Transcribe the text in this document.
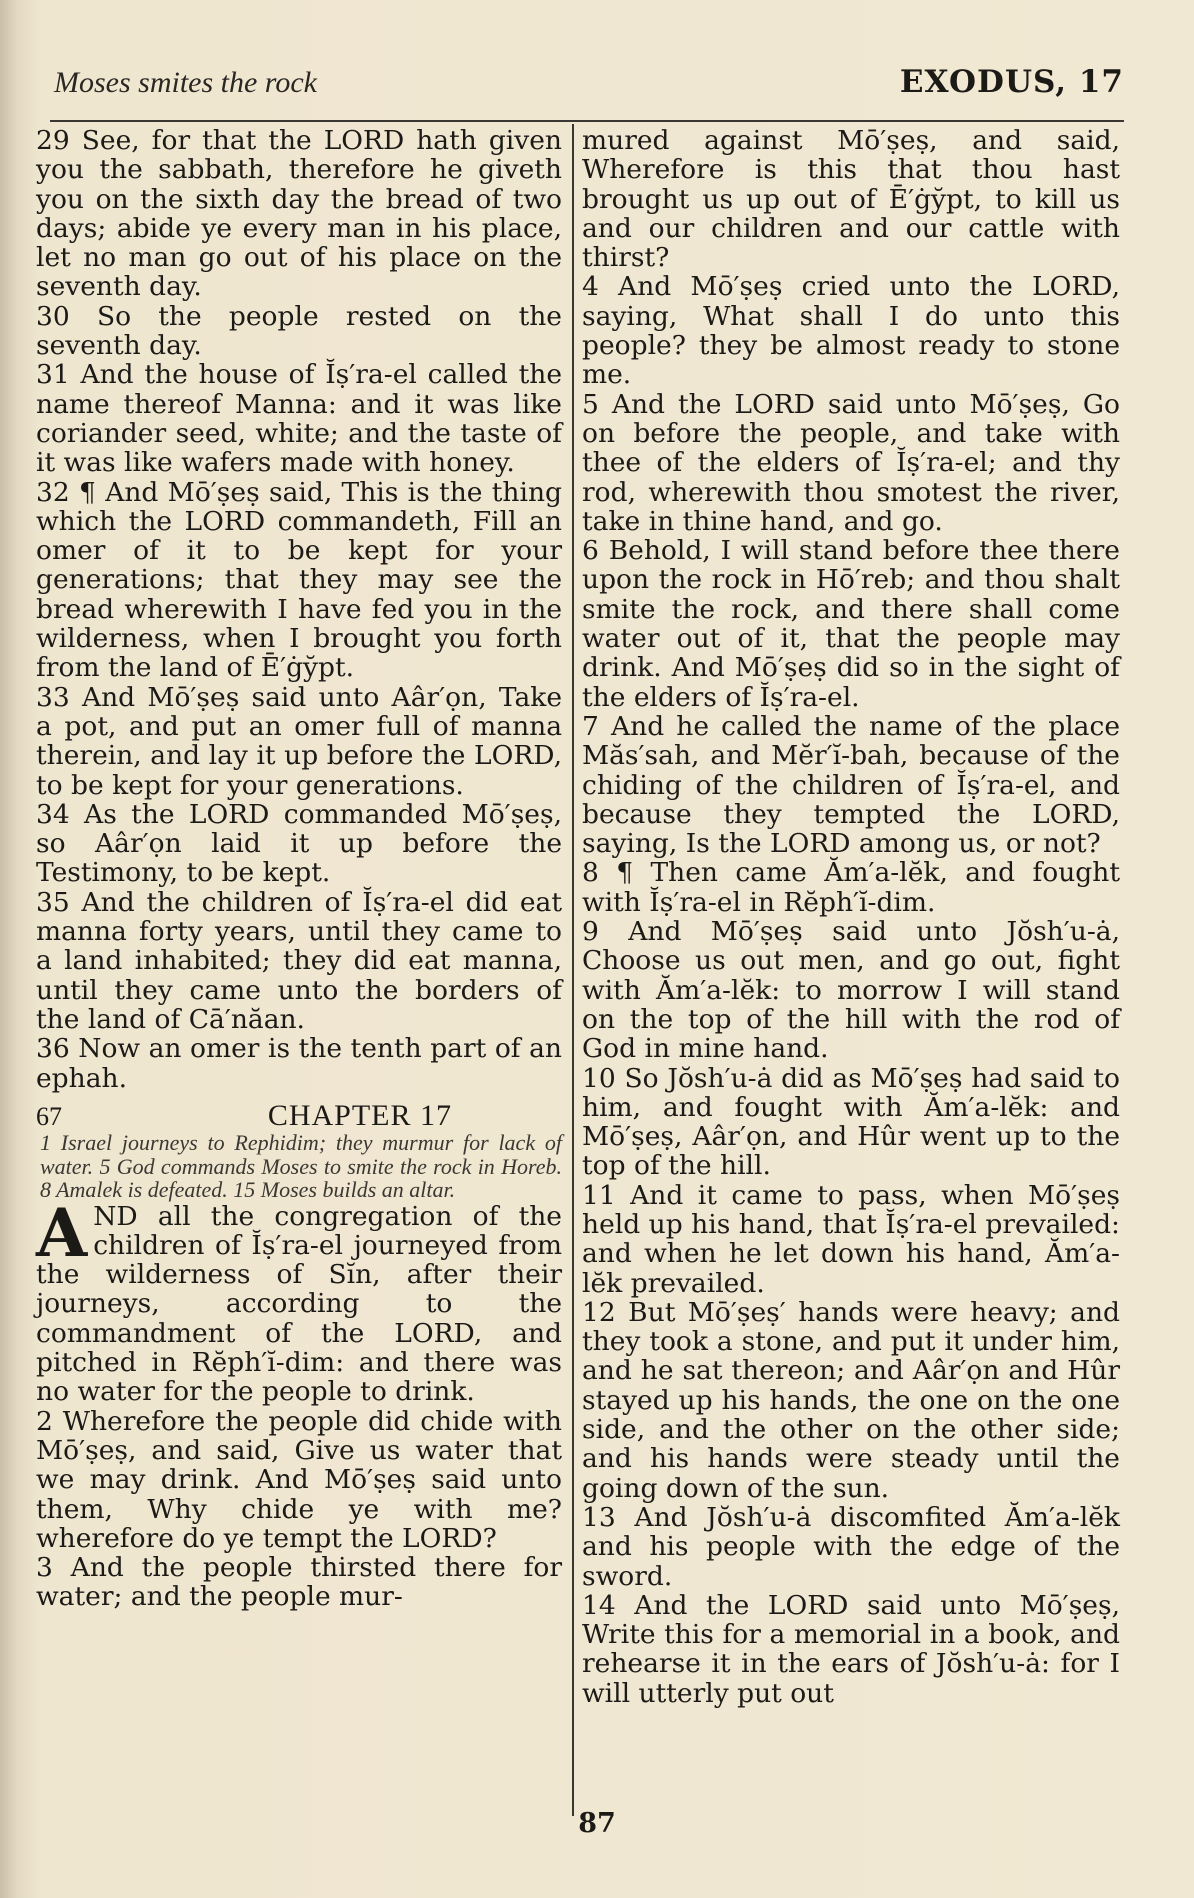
Moses smites the rock	EXODUS, 17

29 See, for that the LORD hath given you the sabbath, therefore he giveth you on the sixth day the bread of two days; abide ye every man in his place, let no man go out of his place on the seventh day.

30 So the people rested on the seventh day.

31 And the house of Ĭṣ′ra-el called the name thereof Manna: and it was like coriander seed, white; and the taste of it was like wafers made with honey.

32 ¶ And Mō′ṣeṣ said, This is the thing which the LORD commandeth, Fill an omer of it to be kept for your generations; that they may see the bread wherewith I have fed you in the wilderness, when I brought you forth from the land of Ē′ġy̆pt.

33 And Mō′ṣeṣ said unto Aâr′ọn, Take a pot, and put an omer full of manna therein, and lay it up before the LORD, to be kept for your generations.

34 As the LORD commanded Mō′ṣeṣ, so Aâr′ọn laid it up before the Testimony, to be kept.

35 And the children of Ĭṣ′ra-el did eat manna forty years, until they came to a land inhabited; they did eat manna, until they came unto the borders of the land of Cā′năan.

36 Now an omer is the tenth part of an ephah.

67	CHAPTER 17

1 Israel journeys to Rephidim; they murmur for lack of water. 5 God commands Moses to smite the rock in Horeb. 8 Amalek is defeated. 15 Moses builds an altar.

A ND all the congregation of the children of Ĭṣ′ra-el journeyed from the wilderness of Sĭn, after their journeys, according to the commandment of the LORD, and pitched in Rĕph′ĭ-dim: and there was no water for the people to drink.

2 Wherefore the people did chide with Mō′ṣeṣ, and said, Give us water that we may drink. And Mō′ṣeṣ said unto them, Why chide ye with me? wherefore do ye tempt the LORD?

3 And the people thirsted there for water; and the people mur-

mured against Mō′ṣeṣ, and said, Wherefore is this that thou hast brought us up out of Ē′ġy̆pt, to kill us and our children and our cattle with thirst?

4 And Mō′ṣeṣ cried unto the LORD, saying, What shall I do unto this people? they be almost ready to stone me.

5 And the LORD said unto Mō′ṣeṣ, Go on before the people, and take with thee of the elders of Ĭṣ′ra-el; and thy rod, wherewith thou smotest the river, take in thine hand, and go.

6 Behold, I will stand before thee there upon the rock in Hō′reb; and thou shalt smite the rock, and there shall come water out of it, that the people may drink. And Mō′ṣeṣ did so in the sight of the elders of Ĭṣ′ra-el.

7 And he called the name of the place Măs′sah, and Mĕr′ĭ-bah, because of the chiding of the children of Ĭṣ′ra-el, and because they tempted the LORD, saying, Is the LORD among us, or not?

8 ¶ Then came Ăm′a-lĕk, and fought with Ĭṣ′ra-el in Rĕph′ĭ-dim.

9 And Mō′ṣeṣ said unto Jŏsh′u-ȧ, Choose us out men, and go out, fight with Ăm′a-lĕk: to morrow I will stand on the top of the hill with the rod of God in mine hand.

10 So Jŏsh′u-ȧ did as Mō′ṣeṣ had said to him, and fought with Ăm′a-lĕk: and Mō′ṣeṣ, Aâr′ọn, and Hûr went up to the top of the hill.

11 And it came to pass, when Mō′ṣeṣ held up his hand, that Ĭṣ′ra-el prevailed: and when he let down his hand, Ăm′a-lĕk prevailed.

12 But Mō′ṣeṣ′ hands were heavy; and they took a stone, and put it under him, and he sat thereon; and Aâr′ọn and Hûr stayed up his hands, the one on the one side, and the other on the other side; and his hands were steady until the going down of the sun.

13 And Jŏsh′u-ȧ discomfited Ăm′a-lĕk and his people with the edge of the sword.

14 And the LORD said unto Mō′ṣeṣ, Write this for a memorial in a book, and rehearse it in the ears of Jŏsh′u-ȧ: for I will utterly put out

87
